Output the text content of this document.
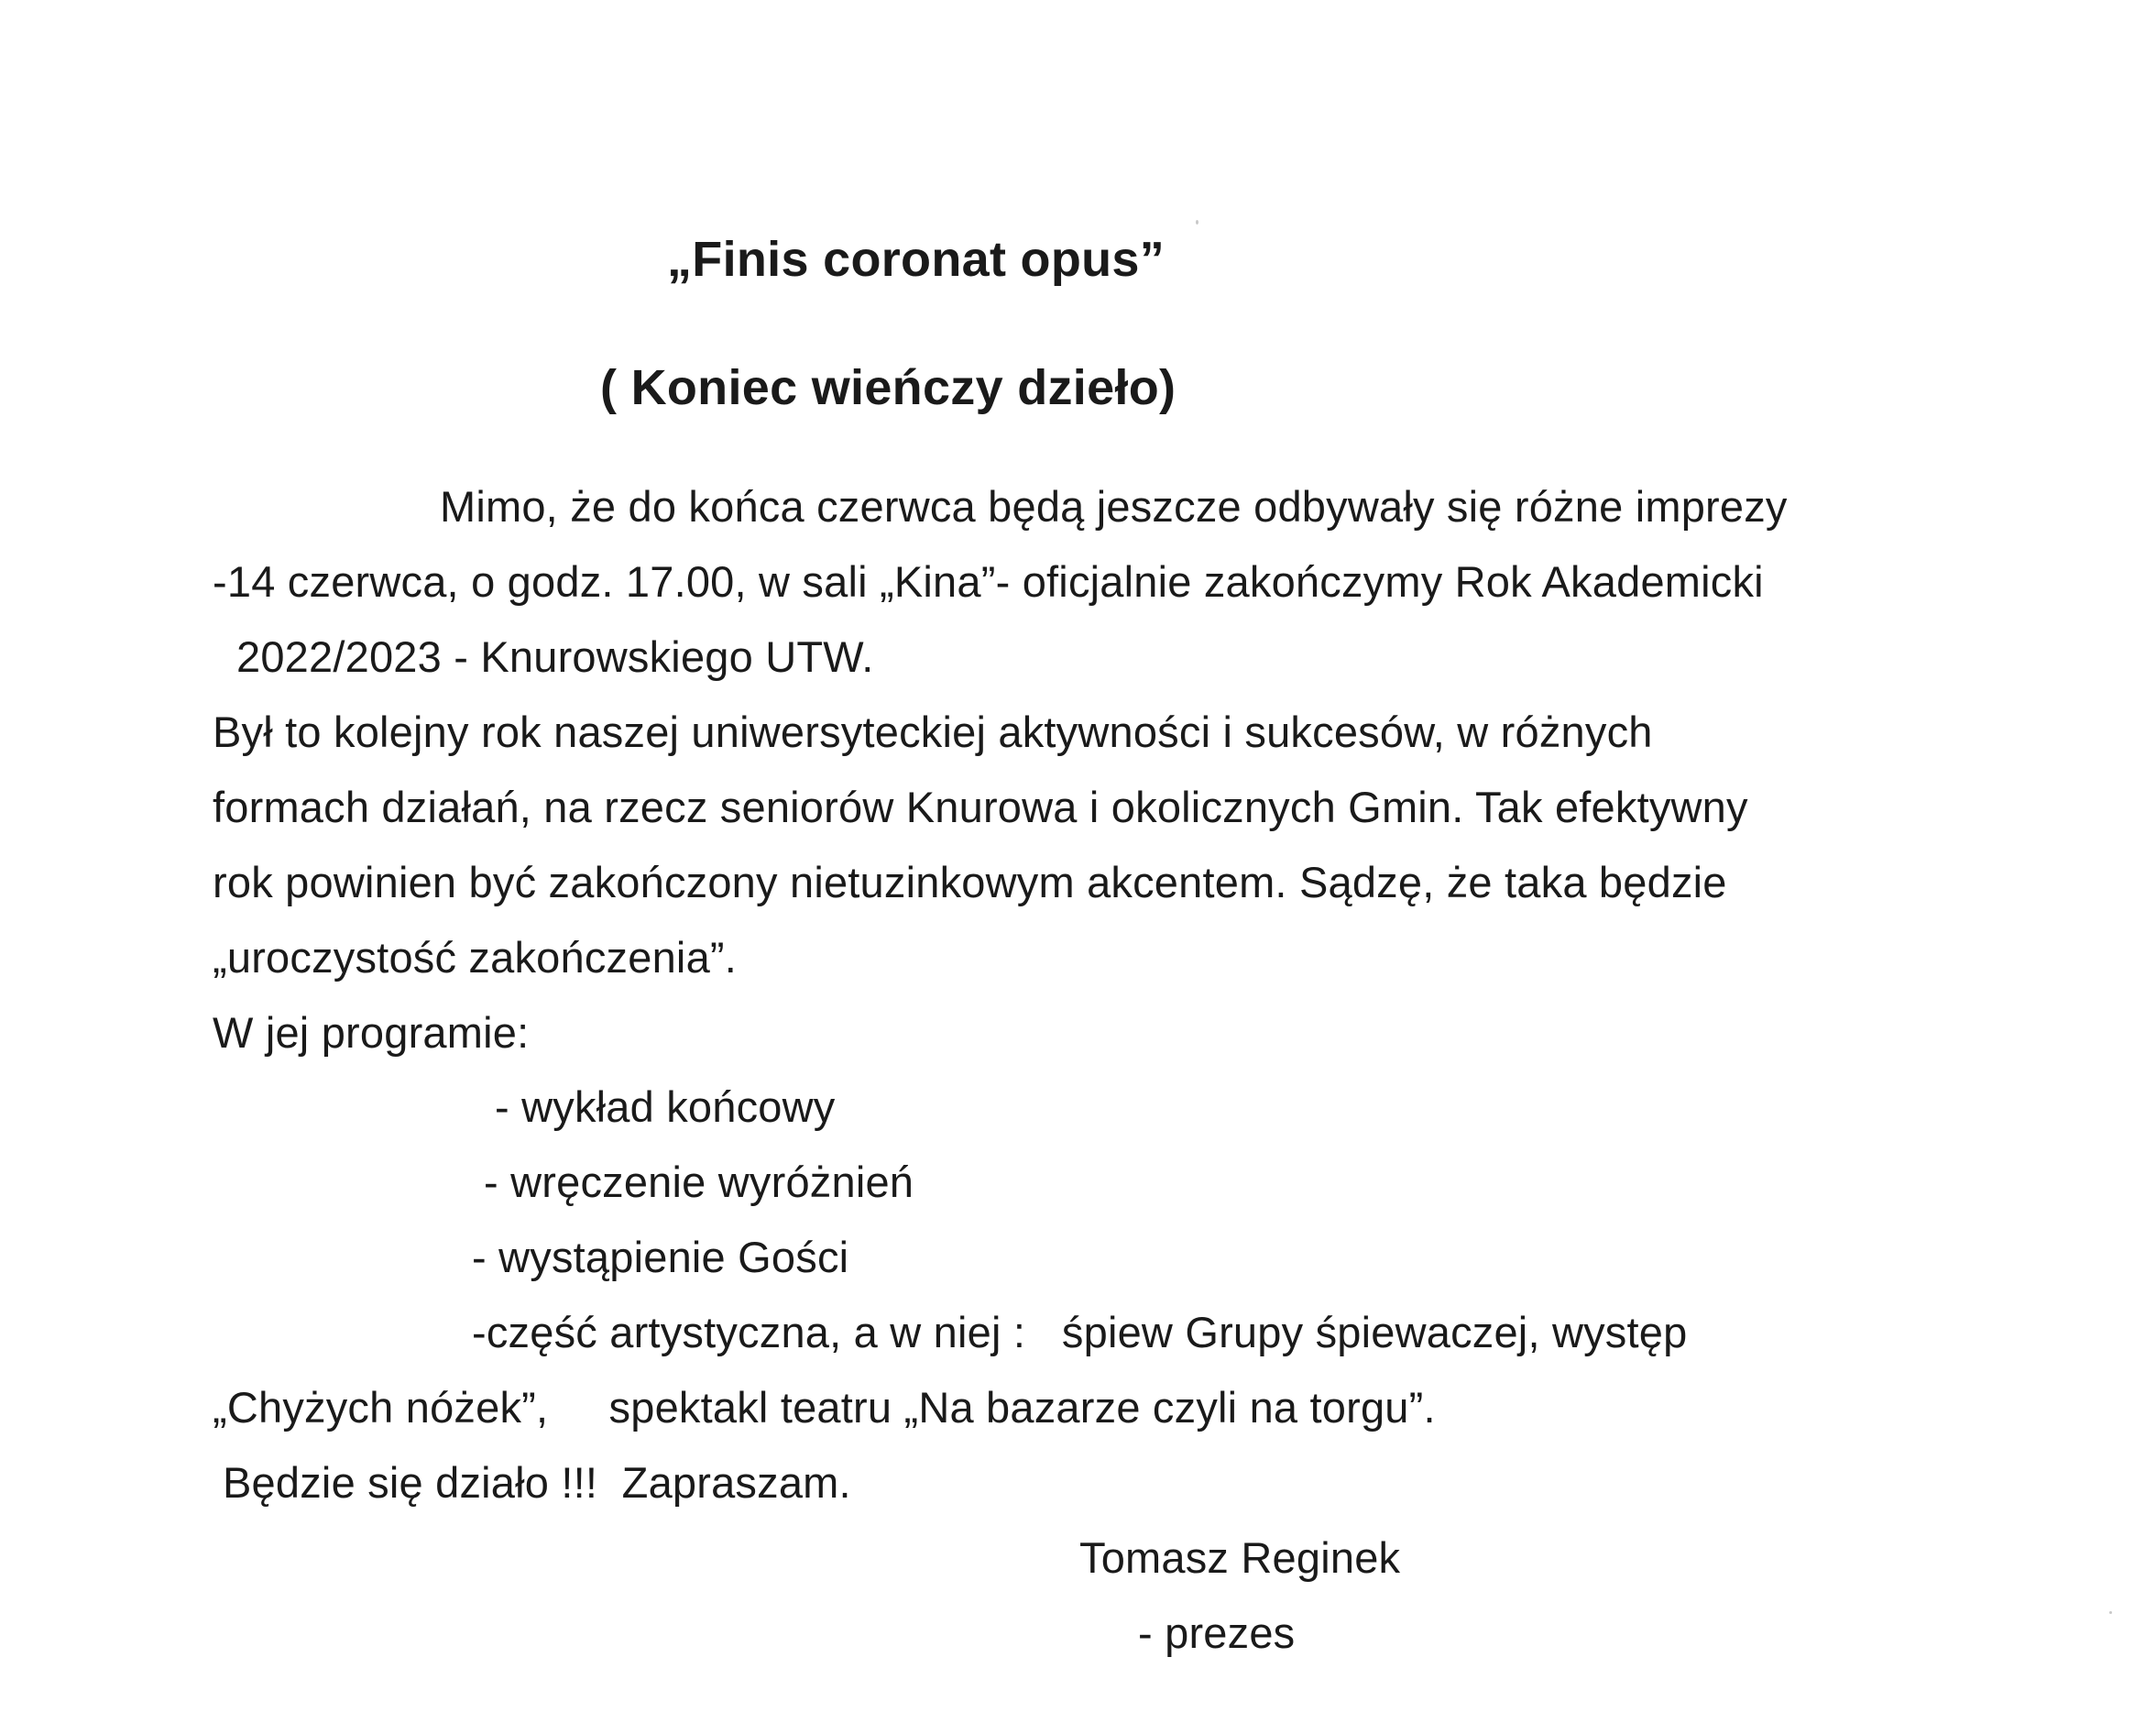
„Finis coronat opus”
( Koniec wieńczy dzieło)
Mimo, że do końca czerwca będą jeszcze odbywały się różne imprezy
-14 czerwca, o godz. 17.00, w sali „Kina”- oficjalnie zakończymy Rok Akademicki
2022/2023 - Knurowskiego UTW.
Był to kolejny rok naszej uniwersyteckiej aktywności i sukcesów, w różnych
formach działań, na rzecz seniorów Knurowa i okolicznych Gmin. Tak efektywny
rok powinien być zakończony nietuzinkowym akcentem. Sądzę, że taka będzie
„uroczystość zakończenia”.
W jej programie:
- wykład końcowy
- wręczenie wyróżnień
- wystąpienie Gości
-część artystyczna, a w niej :   śpiew Grupy śpiewaczej, występ
„Chyżych nóżek”,     spektakl teatru „Na bazarze czyli na torgu”.
Będzie się działo !!!  Zapraszam.
Tomasz Reginek
- prezes
